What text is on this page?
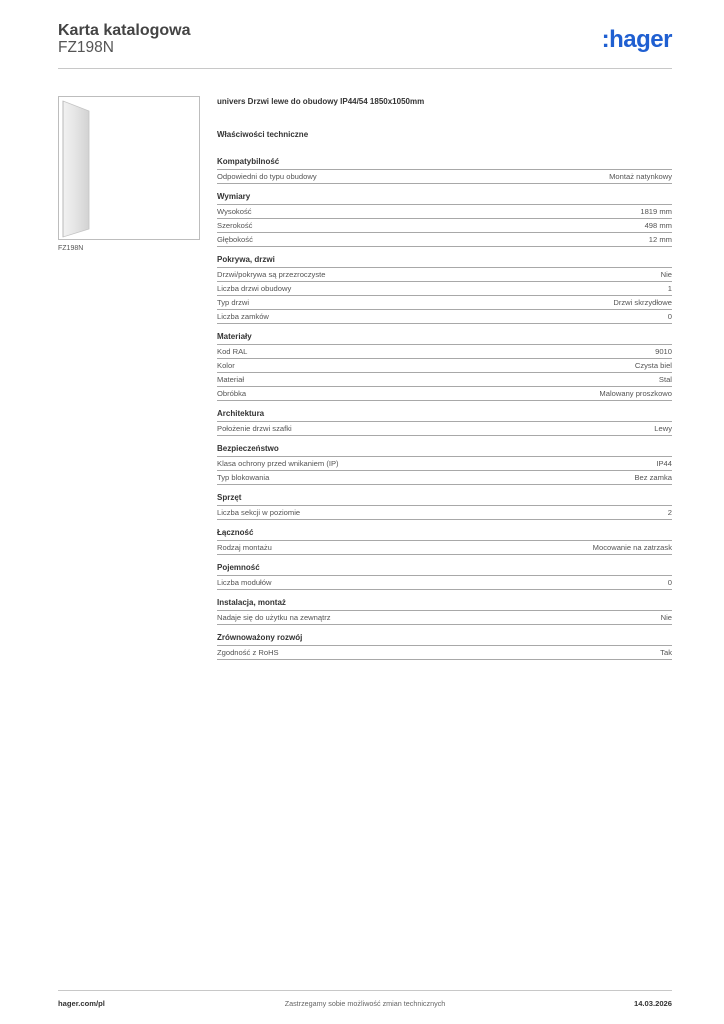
Karta katalogowa
FZ198N	:hager
FZ198N
univers Drzwi lewe do obudowy IP44/54 1850x1050mm
Właściwości techniczne
Kompatybilność
Odpowiedni do typu obudowy	Montaż natynkowy
Wymiary
Wysokość	1819 mm
Szerokość	498 mm
Głębokość	12 mm
Pokrywa, drzwi
Drzwi/pokrywa są przezroczyste	Nie
Liczba drzwi obudowy	1
Typ drzwi	Drzwi skrzydłowe
Liczba zamków	0
Materiały
Kod RAL	9010
Kolor	Czysta biel
Materiał	Stal
Obróbka	Malowany proszkowo
Architektura
Położenie drzwi szafki	Lewy
Bezpieczeństwo
Klasa ochrony przed wnikaniem (IP)	IP44
Typ blokowania	Bez zamka
Sprzęt
Liczba sekcji w poziomie	2
Łączność
Rodzaj montażu	Mocowanie na zatrzask
Pojemność
Liczba modułów	0
Instalacja, montaż
Nadaje się do użytku na zewnątrz	Nie
Zrównoważony rozwój
Zgodność z RoHS	Tak
hager.com/pl	Zastrzegamy sobie możliwość zmian technicznych	14.03.2026
